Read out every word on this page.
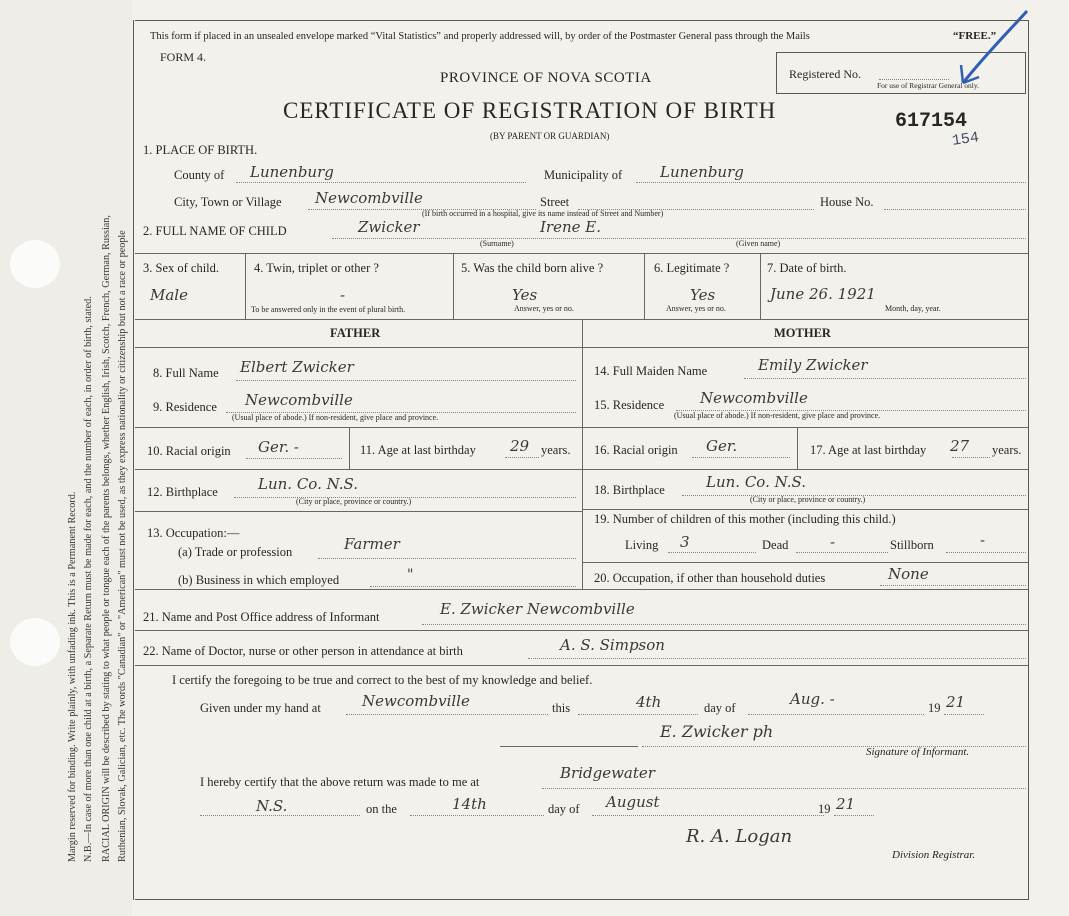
Margin reserved for binding. Write plainly, with unfading ink. This is a Permanent Record. N.B.—In case of more than one child at a birth, a Separate Return must be made for each, and the number of each, in order of birth, stated. RACIAL ORIGIN will be described by stating to what people or tongue each of the parents belongs, whether English, Irish, Scotch, French, German, Russian, Ruthenian, Slovak, Galician, etc. The words "Canadian" or "American" must not be used, as they express nationality or citizenship but not a race or people
This form if placed in an unsealed envelope marked “Vital Statistics” and properly addressed will, by order of the Postmaster General pass through the Mails	“FREE.”
FORM 4.
PROVINCE OF NOVA SCOTIA
CERTIFICATE OF REGISTRATION OF BIRTH
(BY PARENT OR GUARDIAN)
Registered No.
For use of Registrar General only.
617154
154
1. PLACE OF BIRTH.
County of Lunenburg	Municipality of	Lunenburg
City, Town or Village Newcombville	Street	House No.
(If birth occurred in a hospital, give its name instead of Street and Number)
2. FULL NAME OF CHILD	Zwicker	Irene E.
(Surname)	(Given name)
3. Sex of child.
Male
4. Twin, triplet or other ?
-
To be answered only in the event of plural birth.
5. Was the child born alive ?
Yes
Answer, yes or no.
6. Legitimate ?
Yes
Answer, yes or no.
7. Date of birth.
June 26. 1921
Month, day, year.
FATHER	MOTHER
8. Full Name Elbert Zwicker
9. Residence Newcombville
(Usual place of abode.) If non-resident, give place and province.
10. Racial origin Ger. -	11. Age at last birthday 29 years.
12. Birthplace	Lun. Co. N.S.
(City or place, province or country.)
13. Occupation:—
(a) Trade or profession	Farmer
(b) Business in which employed	"
14. Full Maiden Name	Emily Zwicker
15. Residence Newcombville
(Usual place of abode.) If non-resident, give place and province.
16. Racial origin Ger.	17. Age at last birthday 27 years.
18. Birthplace	Lun. Co. N.S.
(City or place, province or country.)
19. Number of children of this mother (including this child.)
Living 3	Dead	-	Stillborn	-
20. Occupation, if other than household duties	None
21. Name and Post Office address of Informant	E. Zwicker Newcombville
22. Name of Doctor, nurse or other person in attendance at birth	A. S. Simpson
I certify the foregoing to be true and correct to the best of my knowledge and belief.
Given under my hand at	Newcombville	this	4th	day of	Aug. -	19 21
E. Zwicker ph
Signature of Informant.
I hereby certify that the above return was made to me at	Bridgewater
N.S.	on the	14th	day of August	19 21
R. A. Logan
Division Registrar.
